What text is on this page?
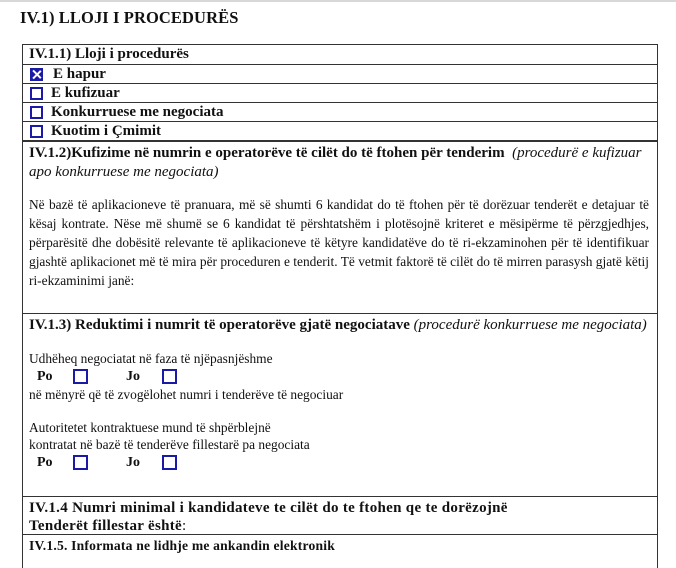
IV.1) LLOJI I PROCEDURËS
IV.1.1) Lloji i procedurës
E hapur
E kufizuar
Konkurruese me negociata
Kuotim i Çmimit
IV.1.2)Kufizime në numrin e operatorëve të cilët do të ftohen për tenderim (procedurë e kufizuar apo konkurruese me negociata)
Në bazë të aplikacioneve të pranuara, më së shumti 6 kandidat do të ftohen për të dorëzuar tenderët e detajuar të kësaj kontrate. Nëse më shumë se 6 kandidat të përshtatshëm i plotësojnë kriteret e mësipërme të përzgjedhjes, përparësitë dhe dobësitë relevante të aplikacioneve të këtyre kandidatëve do të ri-ekzaminohen për të identifikuar gjashtë aplikacionet më të mira për proceduren e tenderit. Të vetmit faktorë të cilët do të mirren parasysh gjatë këtij ri-ekzaminimi janë:
IV.1.3) Reduktimi i numrit të operatorëve gjatë negociatave (procedurë konkurruese me negociata)
Udhëheq negociatat në faza të njëpasnjëshme
Po	Jo
në mënyrë që të zvogëlohet numri i tenderëve të negociuar
Autoritetet kontraktuese mund të shpërblejnë
kontratat në bazë të tenderëve fillestarë pa negociata
Po	Jo
IV.1.4 Numri minimal i kandidateve te cilët do te ftohen qe te dorëzojnë
Tenderët fillestar është:
IV.1.5. Informata ne lidhje me ankandin elektronik
